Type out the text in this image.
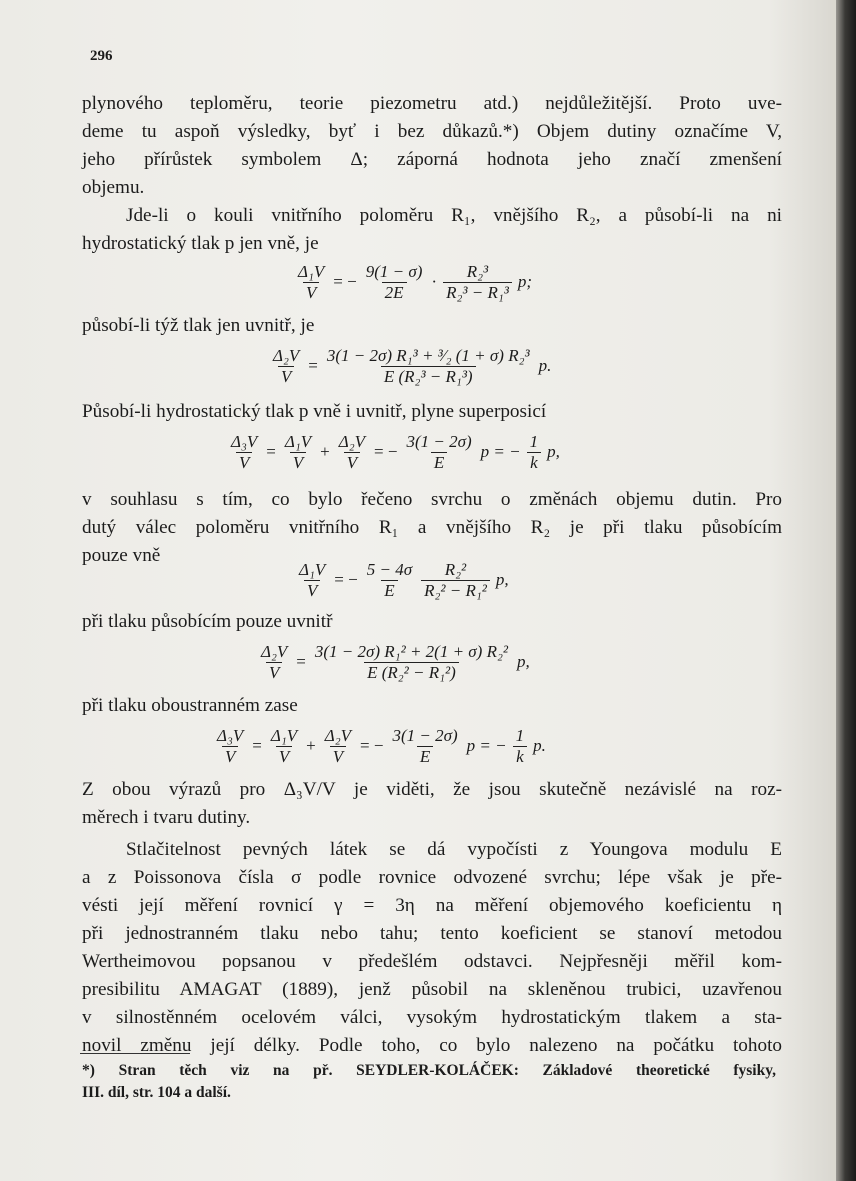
296
plynového teploměru, teorie piezometru atd.) nejdůležitější. Proto uve-
deme tu aspoň výsledky, byť i bez důkazů.*) Objem dutiny označíme V,
jeho přírůstek symbolem Δ; záporná hodnota jeho značí zmenšení
objemu.
Jde-li o kouli vnitřního poloměru R₁, vnějšího R₂, a působí-li na ni
hydrostatický tlak p jen vně, je
$\frac{\text{Δ₁V}}{V}$ = − $\frac{9(1 - \sigma)}{2E} \cdot \frac{\text{R₂³}}{\text{R₂³ − R₁³}} p$;
působí-li týž tlak jen uvnitř, je
$\frac{\text{Δ₂V}}{V} = \frac{\text{3(1 − 2σ) R₁³ + ³⁄₂ (1 + σ) R₂³}}{\text{E (R₂³ − R₁³)}} p$.
Působí-li hydrostatický tlak p vně i uvnitř, plyne superposicí
$\frac{\text{Δ₃V}}{V} = \frac{\text{Δ₁V}}{V} + \frac{\text{Δ₂V}}{V}$ = − $\frac{3(1 - 2\sigma)}{E}$ p = − $\frac{1}{k} p$,
v souhlasu s tím, co bylo řečeno svrchu o změnách objemu dutin. Pro
dutý válec poloměru vnitřního R₁ a vnějšího R₂ je při tlaku působícím
pouze vně
$\frac{\text{Δ₁V}}{V}$ = − $\frac{5 - 4\sigma}{E} \frac{\text{R₂²}}{\text{R₂² − R₁²}} p$,
při tlaku působícím pouze uvnitř
$\frac{\text{Δ₂V}}{V} = \frac{\text{3(1 − 2σ) R₁² + 2(1 + σ) R₂²}}{\text{E (R₂² − R₁²)}} p$,
při tlaku oboustranném zase
$\frac{\text{Δ₃V}}{V} = \frac{\text{Δ₁V}}{V} + \frac{\text{Δ₂V}}{V}$ = − $\frac{3(1 - 2\sigma)}{E}$ p = − $\frac{1}{k} p$.
Z obou výrazů pro Δ₃V/V je viděti, že jsou skutečně nezávislé na roz-
měrech i tvaru dutiny.
Stlačitelnost pevných látek se dá vypočísti z Youngova modulu E
a z Poissonova čísla σ podle rovnice odvozené svrchu; lépe však je pře-
vésti její měření rovnicí γ = 3η na měření objemového koeficientu η
při jednostranném tlaku nebo tahu; tento koeficient se stanoví metodou
Wertheimovou popsanou v předešlém odstavci. Nejpřesněji měřil kom-
presibilitu AMAGAT (1889), jenž působil na skleněnou trubici, uzavřenou
v silnostěnném ocelovém válci, vysokým hydrostatickým tlakem a sta-
novil změnu její délky. Podle toho, co bylo nalezeno na počátku tohoto
*) Stran těch viz na př. SEYDLER-KOLÁČEK: Základové theoretické fysiky,
III. díl, str. 104 a další.
